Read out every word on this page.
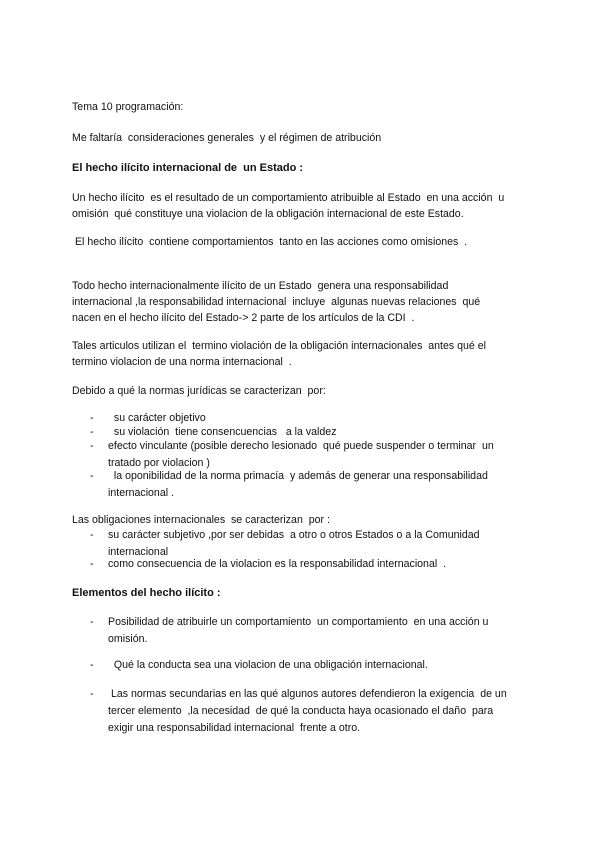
Tema 10 programación:

Me faltaría  consideraciones generales  y el régimen de atribución

El hecho ilícito internacional de  un Estado :

Un hecho ilícito  es el resultado de un comportamiento atribuible al Estado  en una acción  u

omisión  qué constituye una violacion de la obligación internacional de este Estado.

El hecho ilícito  contiene comportamientos  tanto en las acciones como omisiones  .

Todo hecho internacionalmente ilícito de un Estado  genera una responsabilidad

internacional ,la responsabilidad internacional  incluye  algunas nuevas relaciones  qué

nacen en el hecho ilícito del Estado-> 2 parte de los artículos de la CDI  .

Tales articulos utilizan el  termino violación de la obligación internacionales  antes qué el

termino violacion de una norma internacional  .

Debido a qué la normas jurídicas se caracterizan  por:

-	su carácter objetivo
-	su violación  tiene consencuencias   a la valdez
-	efecto vinculante (posible derecho lesionado  qué puede suspender o terminar  un
tratado por violacion )
-	la oponibilidad de la norma primacía  y además de generar una responsabilidad
internacional .

Las obligaciones internacionales  se caracterizan  por :

-	su carácter subjetivo ,por ser debidas  a otro o otros Estados o a la Comunidad
internacional
-	como consecuencia de la violacion es la responsabilidad internacional  .

Elementos del hecho ilícito :

-	Posibilidad de atribuirle un comportamiento  un comportamiento  en una acción u
omisión.
-	Qué la conducta sea una violacion de una obligación internacional.
-	Las normas secundarias en las qué algunos autores defendieron la exigencia  de un
tercer elemento  ,la necesidad  de qué la conducta haya ocasionado el daño  para
exigir una responsabilidad internacional  frente a otro.
